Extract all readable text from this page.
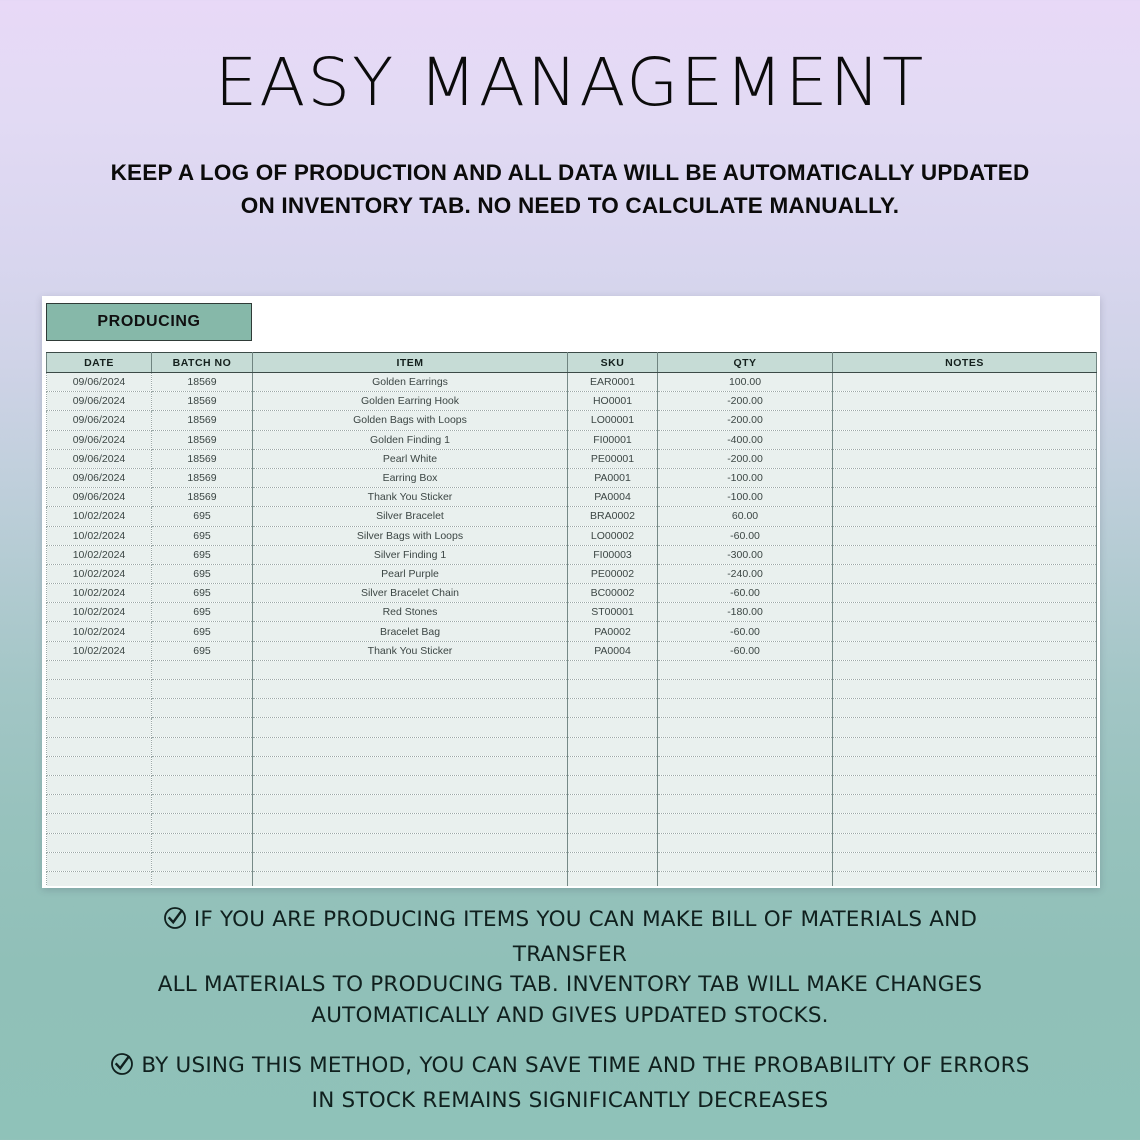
EASY MANAGEMENT
KEEP A LOG OF PRODUCTION AND ALL DATA WILL BE AUTOMATICALLY UPDATED
ON INVENTORY TAB. NO NEED TO CALCULATE MANUALLY.
PRODUCING
DATE	BATCH NO	ITEM	SKU	QTY	NOTES
09/06/2024	18569	Golden Earrings	EAR0001	100.00	
09/06/2024	18569	Golden Earring Hook	HO0001	-200.00	
09/06/2024	18569	Golden Bags with Loops	LO00001	-200.00	
09/06/2024	18569	Golden Finding 1	FI00001	-400.00	
09/06/2024	18569	Pearl White	PE00001	-200.00	
09/06/2024	18569	Earring Box	PA0001	-100.00	
09/06/2024	18569	Thank You Sticker	PA0004	-100.00	
10/02/2024	695	Silver Bracelet	BRA0002	60.00	
10/02/2024	695	Silver Bags with Loops	LO00002	-60.00	
10/02/2024	695	Silver Finding 1	FI00003	-300.00	
10/02/2024	695	Pearl Purple	PE00002	-240.00	
10/02/2024	695	Silver Bracelet Chain	BC00002	-60.00	
10/02/2024	695	Red Stones	ST00001	-180.00	
10/02/2024	695	Bracelet Bag	PA0002	-60.00	
10/02/2024	695	Thank You Sticker	PA0004	-60.00	

IF YOU ARE PRODUCING ITEMS YOU CAN MAKE BILL OF MATERIALS AND TRANSFER
ALL MATERIALS TO PRODUCING TAB. INVENTORY TAB WILL MAKE CHANGES
AUTOMATICALLY AND GIVES UPDATED STOCKS.
BY USING THIS METHOD, YOU CAN SAVE TIME AND THE PROBABILITY OF ERRORS
IN STOCK REMAINS SIGNIFICANTLY DECREASES
